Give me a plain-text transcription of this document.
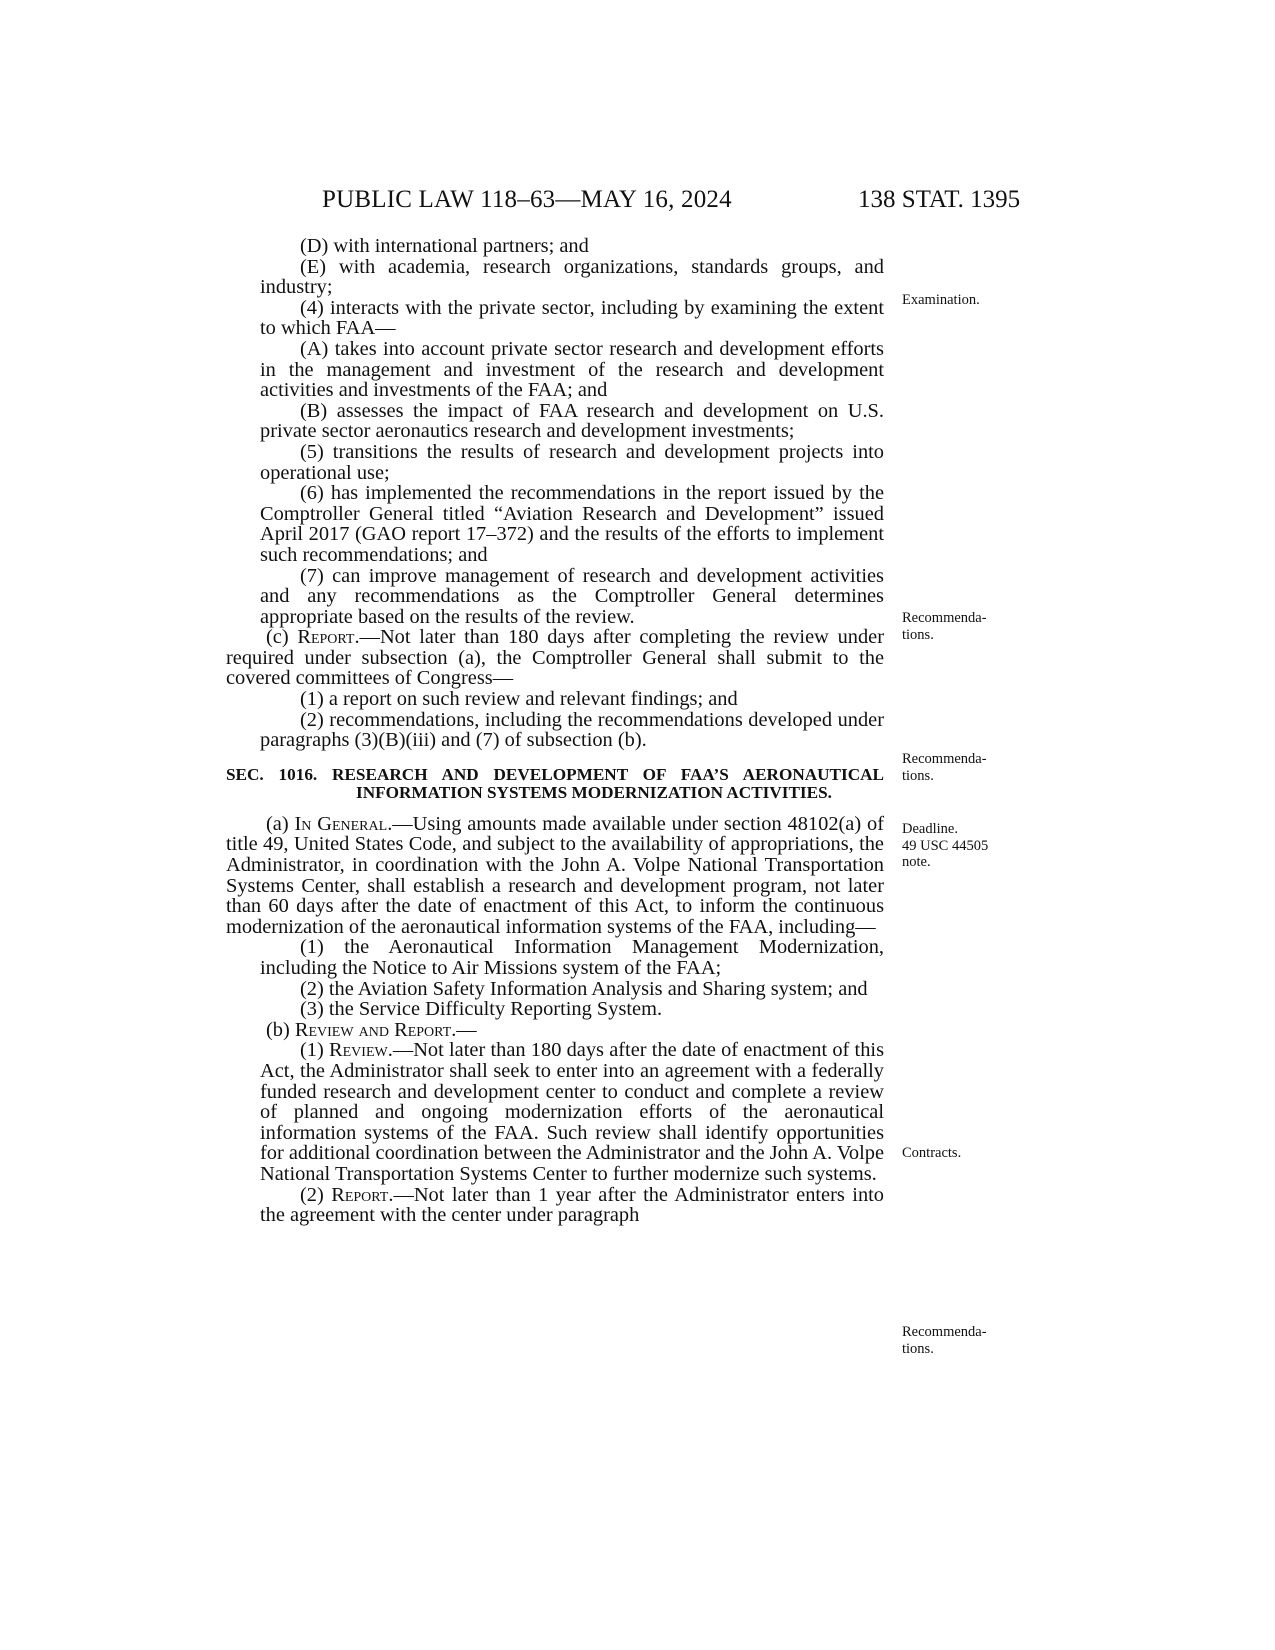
PUBLIC LAW 118–63—MAY 16, 2024	138 STAT. 1395

(D) with international partners; and

(E) with academia, research organizations, standards groups, and industry;

(4) interacts with the private sector, including by examining the extent to which FAA—

(A) takes into account private sector research and development efforts in the management and investment of the research and development activities and investments of the FAA; and

(B) assesses the impact of FAA research and development on U.S. private sector aeronautics research and development investments;

(5) transitions the results of research and development projects into operational use;

(6) has implemented the recommendations in the report issued by the Comptroller General titled “Aviation Research and Development” issued April 2017 (GAO report 17–372) and the results of the efforts to implement such recommendations; and

(7) can improve management of research and development activities and any recommendations as the Comptroller General determines appropriate based on the results of the review.

(c) Report.—Not later than 180 days after completing the review under required under subsection (a), the Comptroller General shall submit to the covered committees of Congress—

(1) a report on such review and relevant findings; and

(2) recommendations, including the recommendations developed under paragraphs (3)(B)(iii) and (7) of subsection (b).

SEC. 1016. RESEARCH AND DEVELOPMENT OF FAA’S AERONAUTICAL INFORMATION SYSTEMS MODERNIZATION ACTIVITIES.

(a) In General.—Using amounts made available under section 48102(a) of title 49, United States Code, and subject to the availability of appropriations, the Administrator, in coordination with the John A. Volpe National Transportation Systems Center, shall establish a research and development program, not later than 60 days after the date of enactment of this Act, to inform the continuous modernization of the aeronautical information systems of the FAA, including—

(1) the Aeronautical Information Management Modernization, including the Notice to Air Missions system of the FAA;

(2) the Aviation Safety Information Analysis and Sharing system; and

(3) the Service Difficulty Reporting System.

(b) Review and Report.—

(1) Review.—Not later than 180 days after the date of enactment of this Act, the Administrator shall seek to enter into an agreement with a federally funded research and development center to conduct and complete a review of planned and ongoing modernization efforts of the aeronautical information systems of the FAA. Such review shall identify opportunities for additional coordination between the Administrator and the John A. Volpe National Transportation Systems Center to further modernize such systems.

(2) Report.—Not later than 1 year after the Administrator enters into the agreement with the center under paragraph

Examination.
Recommenda-
tions.
Recommenda-
tions.
Deadline.
49 USC 44505
note.
Contracts.
Recommenda-
tions.
